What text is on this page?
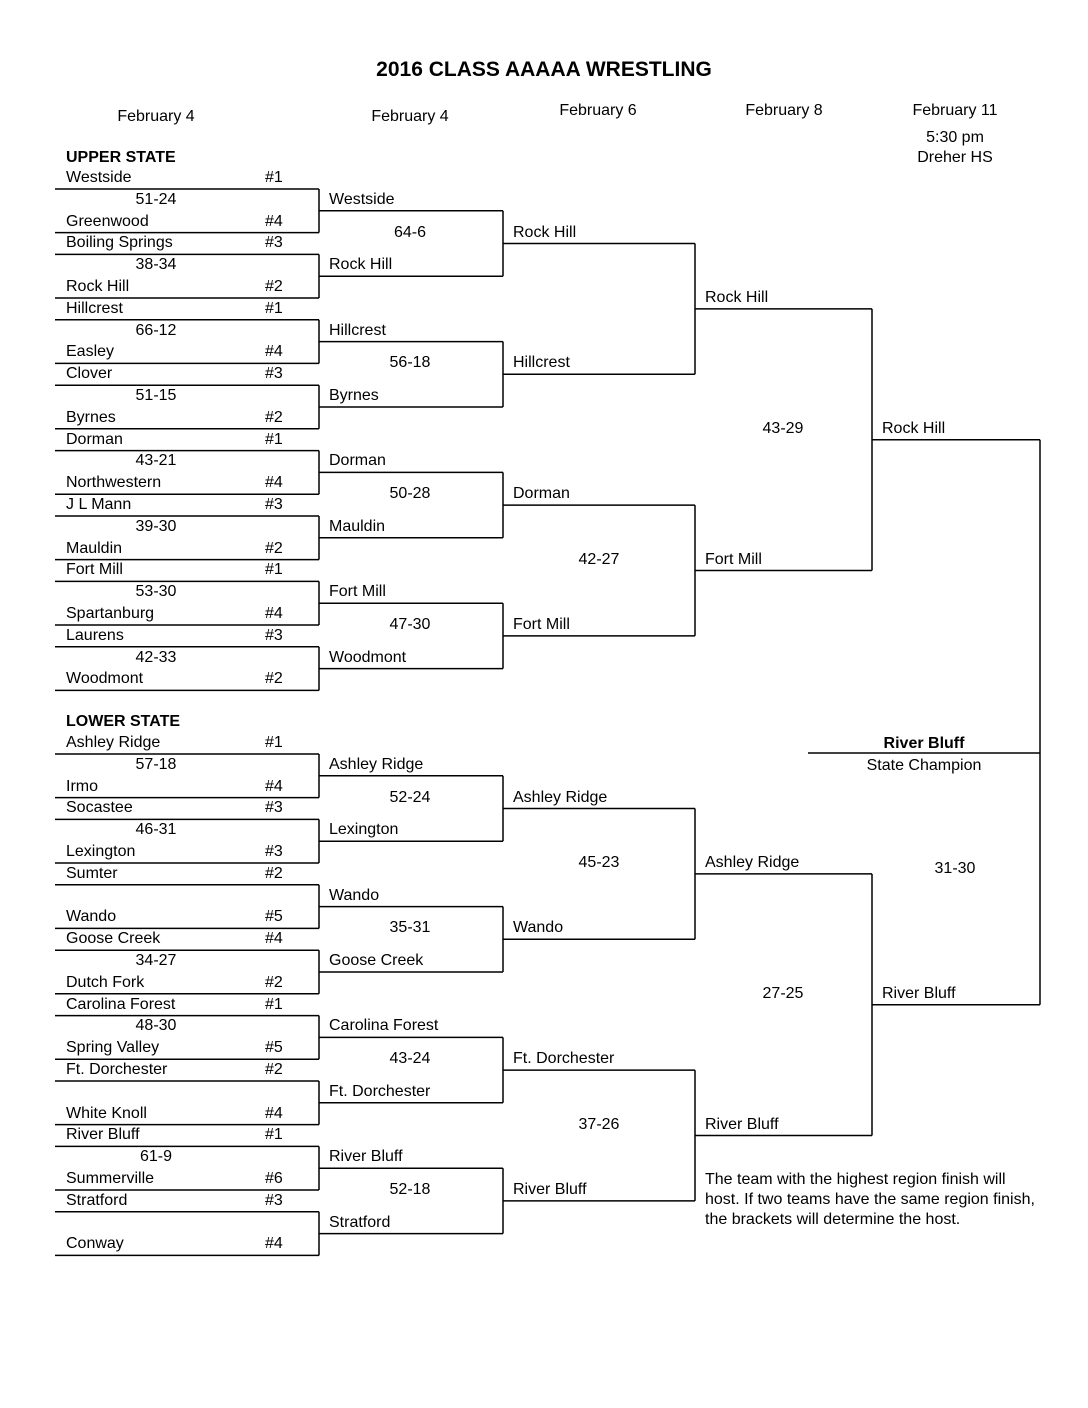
2016 CLASS AAAAA WRESTLING
February 4	February 4	February 6	February 8	February 11
5:30 pm
Dreher HS
UPPER STATE
LOWER STATE
Westside	#1
51-24
Greenwood	#4
Boiling Springs	#3
38-34
Rock Hill	#2
Hillcrest	#1
66-12
Easley	#4
Clover	#3
51-15
Byrnes	#2
Dorman	#1
43-21
Northwestern	#4
J L Mann	#3
39-30
Mauldin	#2
Fort Mill	#1
53-30
Spartanburg	#4
Laurens	#3
42-33
Woodmont	#2
Westside
Rock Hill
64-6
Hillcrest
Byrnes
56-18
Dorman
Mauldin
50-28
Fort Mill
Woodmont
47-30
Rock Hill
Hillcrest
Dorman
Fort Mill
42-27
Rock Hill
Fort Mill
43-29	Rock Hill
Ashley Ridge	#1
57-18
Irmo	#4
Socastee	#3
46-31
Lexington	#3
Sumter	#2
Wando	#5
Goose Creek	#4
34-27
Dutch Fork	#2
Carolina Forest	#1
48-30
Spring Valley	#5
Ft. Dorchester	#2
White Knoll	#4
River Bluff	#1
61-9
Summerville	#6
Stratford	#3
Conway	#4
Ashley Ridge
Lexington
52-24
Wando
Goose Creek
35-31
Carolina Forest
Ft. Dorchester
43-24
River Bluff
Stratford
52-18
Ashley Ridge
Wando
45-23
Ft. Dorchester
River Bluff
37-26
Ashley Ridge
River Bluff
27-25	River Bluff
31-30
River Bluff
State Champion
The team with the highest region finish will host. If two teams have the same region finish, the brackets will determine the host.
